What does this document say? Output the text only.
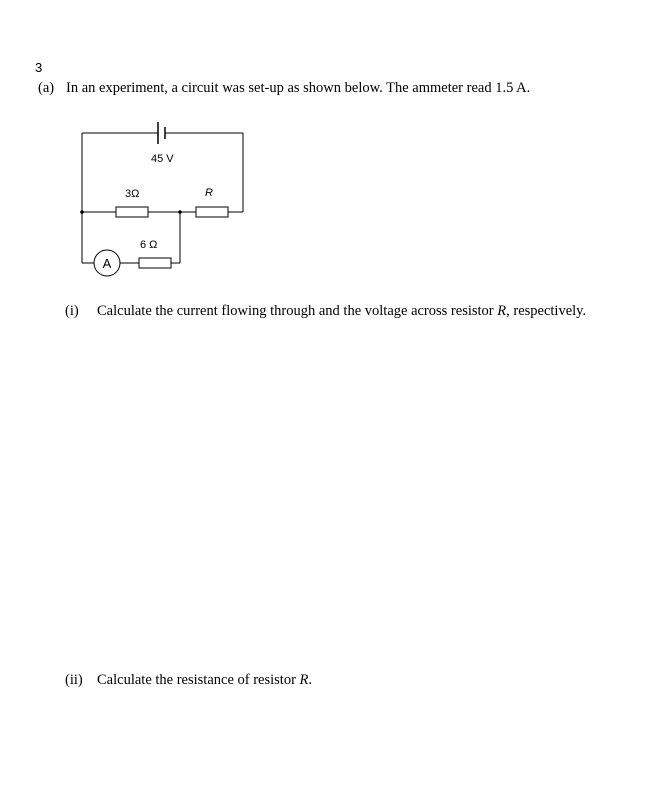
3
(a) In an experiment, a circuit was set-up as shown below. The ammeter read 1.5 A.
45 V
3Ω	R
6 Ω
A
(i) Calculate the current flowing through and the voltage across resistor R, respectively.
(ii) Calculate the resistance of resistor R.
